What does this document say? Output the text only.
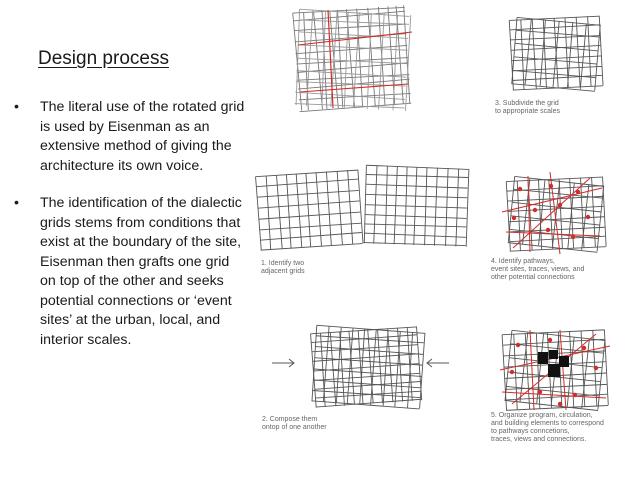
Design process
• The literal use of the rotated grid is used by Eisenman as an extensive method of giving the architecture its own voice.
• The identification of the dialectic grids stems from conditions that exist at the boundary of the site, Eisenman then grafts one grid on top of the other and seeks potential connections or ‘event sites’ at the urban, local, and interior scales.
1. Identify two
adjacent grids
2. Compose them
ontop of one another
3. Subdivide the grid
to appropriate scales
4. Identify pathways,
event sites, traces, views, and
other potential connections
5. Organize program, circulation,
and building elements to correspond
to pathways conncetions,
traces, views and connections.
